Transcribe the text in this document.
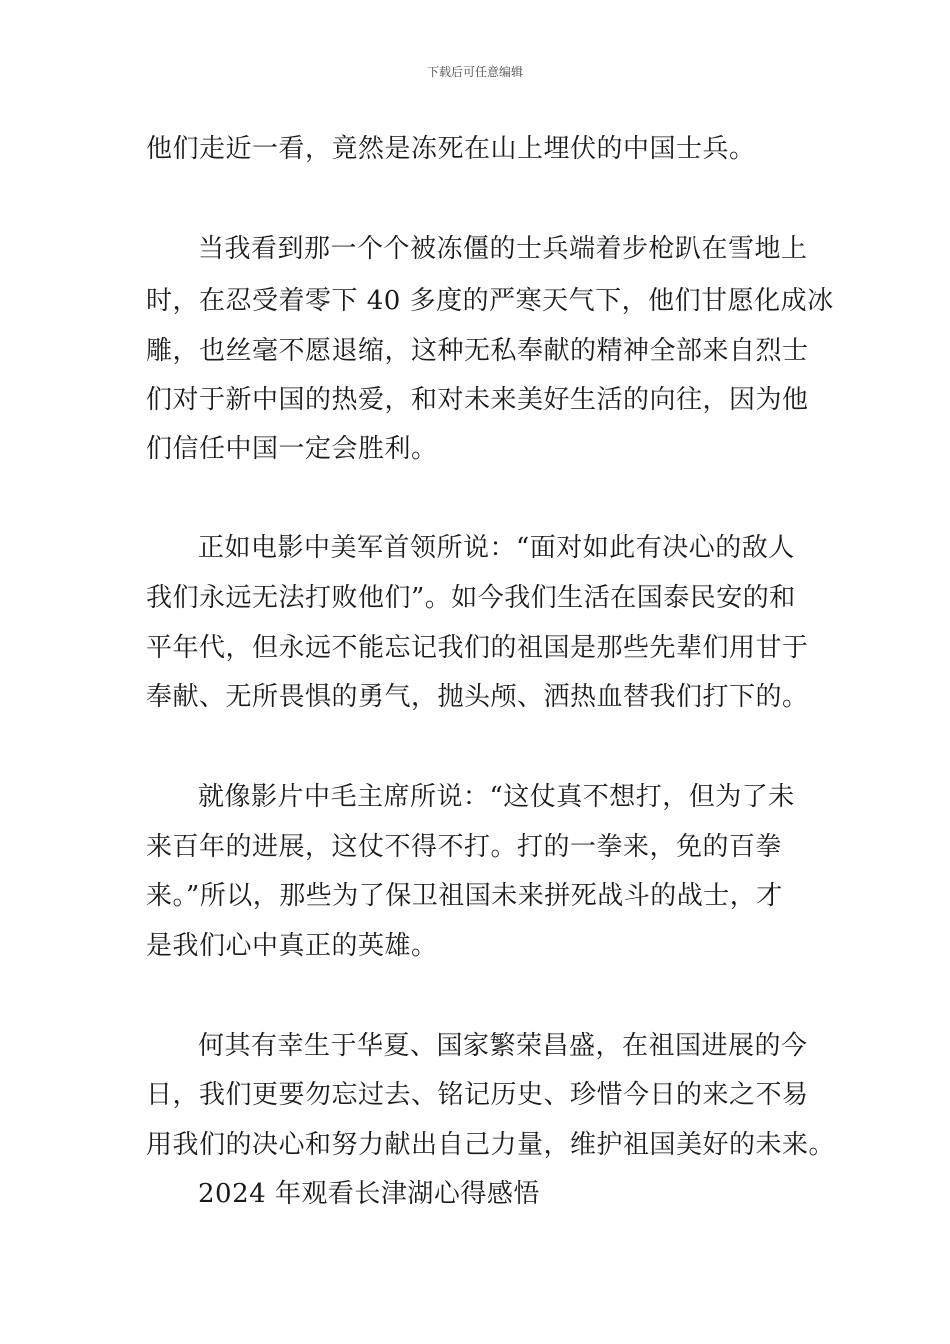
下载后可任意编辑
他们走近一看，竟然是冻死在山上埋伏的中国士兵。
当我看到那一个个被冻僵的士兵端着步枪趴在雪地上
时，在忍受着零下 40 多度的严寒天气下，他们甘愿化成冰
雕，也丝毫不愿退缩，这种无私奉献的精神全部来自烈士
们对于新中国的热爱，和对未来美好生活的向往，因为他
们信任中国一定会胜利。
正如电影中美军首领所说：“面对如此有决心的敌人
我们永远无法打败他们”。如今我们生活在国泰民安的和
平年代，但永远不能忘记我们的祖国是那些先辈们用甘于
奉献、无所畏惧的勇气，抛头颅、洒热血替我们打下的。
就像影片中毛主席所说：“这仗真不想打，但为了未
来百年的进展，这仗不得不打。打的一拳来，免的百拳
来。”所以，那些为了保卫祖国未来拼死战斗的战士，才
是我们心中真正的英雄。
何其有幸生于华夏、国家繁荣昌盛，在祖国进展的今
日，我们更要勿忘过去、铭记历史、珍惜今日的来之不易
用我们的决心和努力献出自己力量，维护祖国美好的未来。
2024 年观看长津湖心得感悟
